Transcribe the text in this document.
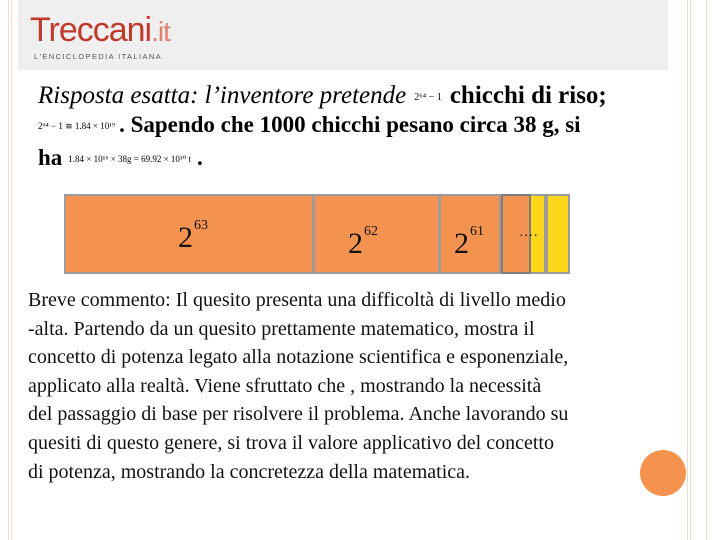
Treccani.it
L'ENCICLOPEDIA ITALIANA
Risposta esatta: l’inventore pretende 2⁶⁴ − 1 chicchi di riso;
2⁶⁴ − 1 ≅ 1.84 × 10¹⁹ . Sapendo che 1000 chicchi pesano circa 38 g, si
ha 1.84 × 10¹⁶ × 38g = 69.92 × 10¹⁰ t .
$2^{63}$
$2^{62}$	$2^{61}$	….
Breve commento: Il quesito presenta una difficoltà di livello medio
-alta. Partendo da un quesito prettamente matematico, mostra il
concetto di potenza legato alla notazione scientifica e esponenziale,
applicato alla realtà. Viene sfruttato che , mostrando la necessità
del passaggio di base per risolvere il problema. Anche lavorando su
quesiti di questo genere, si trova il valore applicativo del concetto
di potenza, mostrando la concretezza della matematica.
